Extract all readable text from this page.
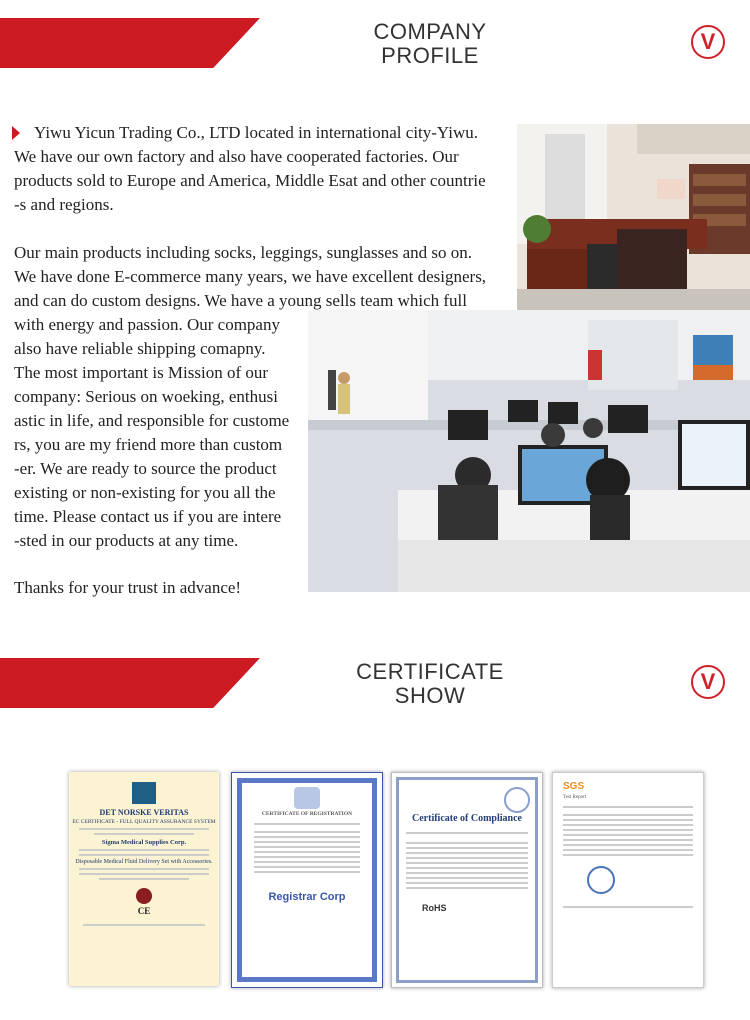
COMPANY
PROFILE
V
Yiwu Yicun Trading Co., LTD located in international city-Yiwu.
We have our own factory and also have cooperated factories. Our
products sold to Europe and America, Middle Esat and other countrie
-s and regions.
Our main products including socks, leggings, sunglasses and so on.
We have done E-commerce many years, we have excellent designers,
and can do custom designs. We have a young sells team which full
with energy and passion. Our company
also have reliable shipping comapny.
The most important is Mission of our
company: Serious on woeking, enthusi
astic in life, and responsible for custome
rs, you are my friend more than custom
-er. We are ready to source the product
existing or non-existing for you all the
time. Please contact us if you are intere
-sted in our products at any time.
Thanks for your trust in advance!
CERTIFICATE
SHOW
V
DET NORSKE VERITAS
EC CERTIFICATE - FULL QUALITY ASSURANCE SYSTEM
Sigma Medical Supplies Corp.
Disposable Medical Fluid Delivery Set with Accessories.
CE
CERTIFICATE OF REGISTRATION
Registrar Corp
Certificate of Compliance
RoHS
SGS
Test Report
